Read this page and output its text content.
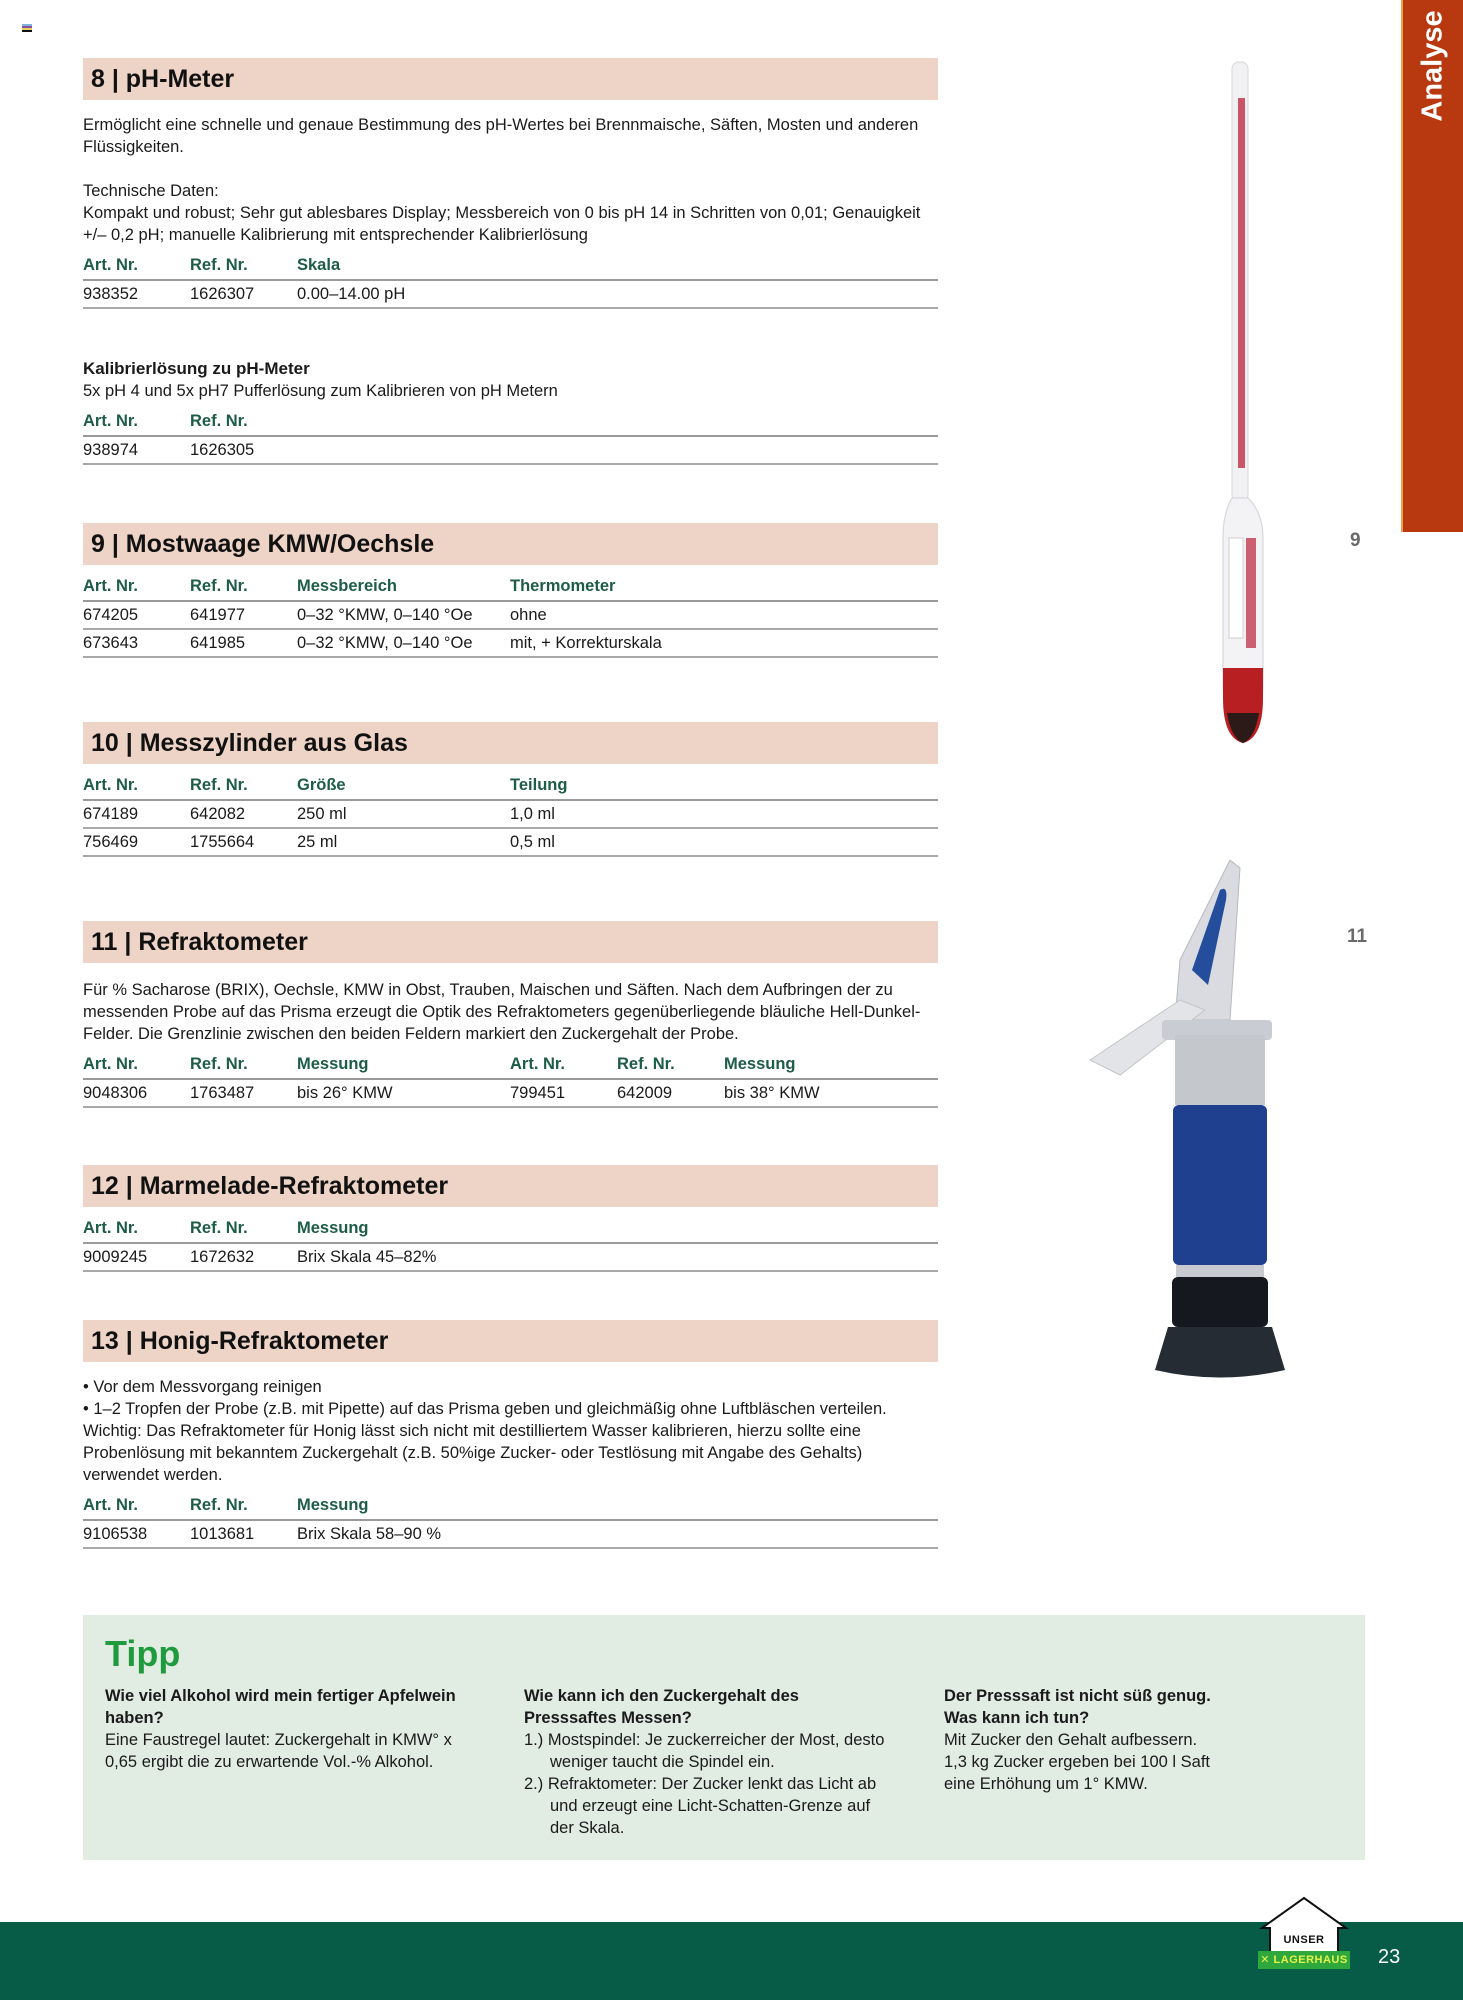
Analyse
8 | pH-Meter

Ermöglicht eine schnelle und genaue Bestimmung des pH-Wertes bei Brennmaische, Säften, Mosten und anderen Flüssigkeiten.

Technische Daten:

Kompakt und robust; Sehr gut ablesbares Display; Messbereich von 0 bis pH 14 in Schritten von 0,01; Genauigkeit +/– 0,2 pH; manuelle Kalibrierung mit entsprechender Kalibrierlösung

Art. Nr.	Ref. Nr.	Skala
938352	1626307	0.00–14.00 pH
Kalibrierlösung zu pH-Meter

5x pH 4 und 5x pH7 Pufferlösung zum Kalibrieren von pH Metern

Art. Nr.	Ref. Nr.
938974	1626305
9 | Mostwaage KMW/Oechsle
Art. Nr.	Ref. Nr.	Messbereich	Thermometer
674205	641977	0–32 °KMW, 0–140 °Oe	ohne
673643	641985	0–32 °KMW, 0–140 °Oe	mit, + Korrekturskala
10 | Messzylinder aus Glas
Art. Nr.	Ref. Nr.	Größe	Teilung
674189	642082	250 ml	1,0 ml
756469	1755664	25 ml	0,5 ml
11 | Refraktometer

Für % Sacharose (BRIX), Oechsle, KMW in Obst, Trauben, Maischen und Säften. Nach dem Aufbringen der zu messenden Probe auf das Prisma erzeugt die Optik des Refraktometers gegenüberliegende bläuliche Hell-Dunkel-Felder. Die Grenzlinie zwischen den beiden Feldern markiert den Zuckergehalt der Probe.

Art. Nr.	Ref. Nr.	Messung	Art. Nr.	Ref. Nr.	Messung
9048306	1763487	bis 26° KMW	799451	642009	bis 38° KMW
12 | Marmelade-Refraktometer
Art. Nr.	Ref. Nr.	Messung
9009245	1672632	Brix Skala 45–82%
13 | Honig-Refraktometer

• Vor dem Messvorgang reinigen

• 1–2 Tropfen der Probe (z.B. mit Pipette) auf das Prisma geben und gleichmäßig ohne Luftbläschen verteilen.

Wichtig: Das Refraktometer für Honig lässt sich nicht mit destilliertem Wasser kalibrieren, hierzu sollte eine Probenlösung mit bekanntem Zuckergehalt (z.B. 50%ige Zucker- oder Testlösung mit Angabe des Gehalts) verwendet werden.

Art. Nr.	Ref. Nr.	Messung
9106538	1013681	Brix Skala 58–90 %
9
11
Tipp
Wie viel Alkohol wird mein fertiger Apfelwein haben?
Eine Faustregel lautet: Zuckergehalt in KMW° x 0,65 ergibt die zu erwartende Vol.-% Alkohol.
Wie kann ich den Zuckergehalt des Presssaftes Messen?
1.) Mostspindel: Je zuckerreicher der Most, desto weniger taucht die Spindel ein.
2.) Refraktometer: Der Zucker lenkt das Licht ab und erzeugt eine Licht-Schatten-Grenze auf der Skala.
Der Presssaft ist nicht süß genug. Was kann ich tun?
Mit Zucker den Gehalt aufbessern. 1,3 kg Zucker ergeben bei 100 l Saft eine Erhöhung um 1° KMW.
UNSER
✕ LAGERHAUS 23
